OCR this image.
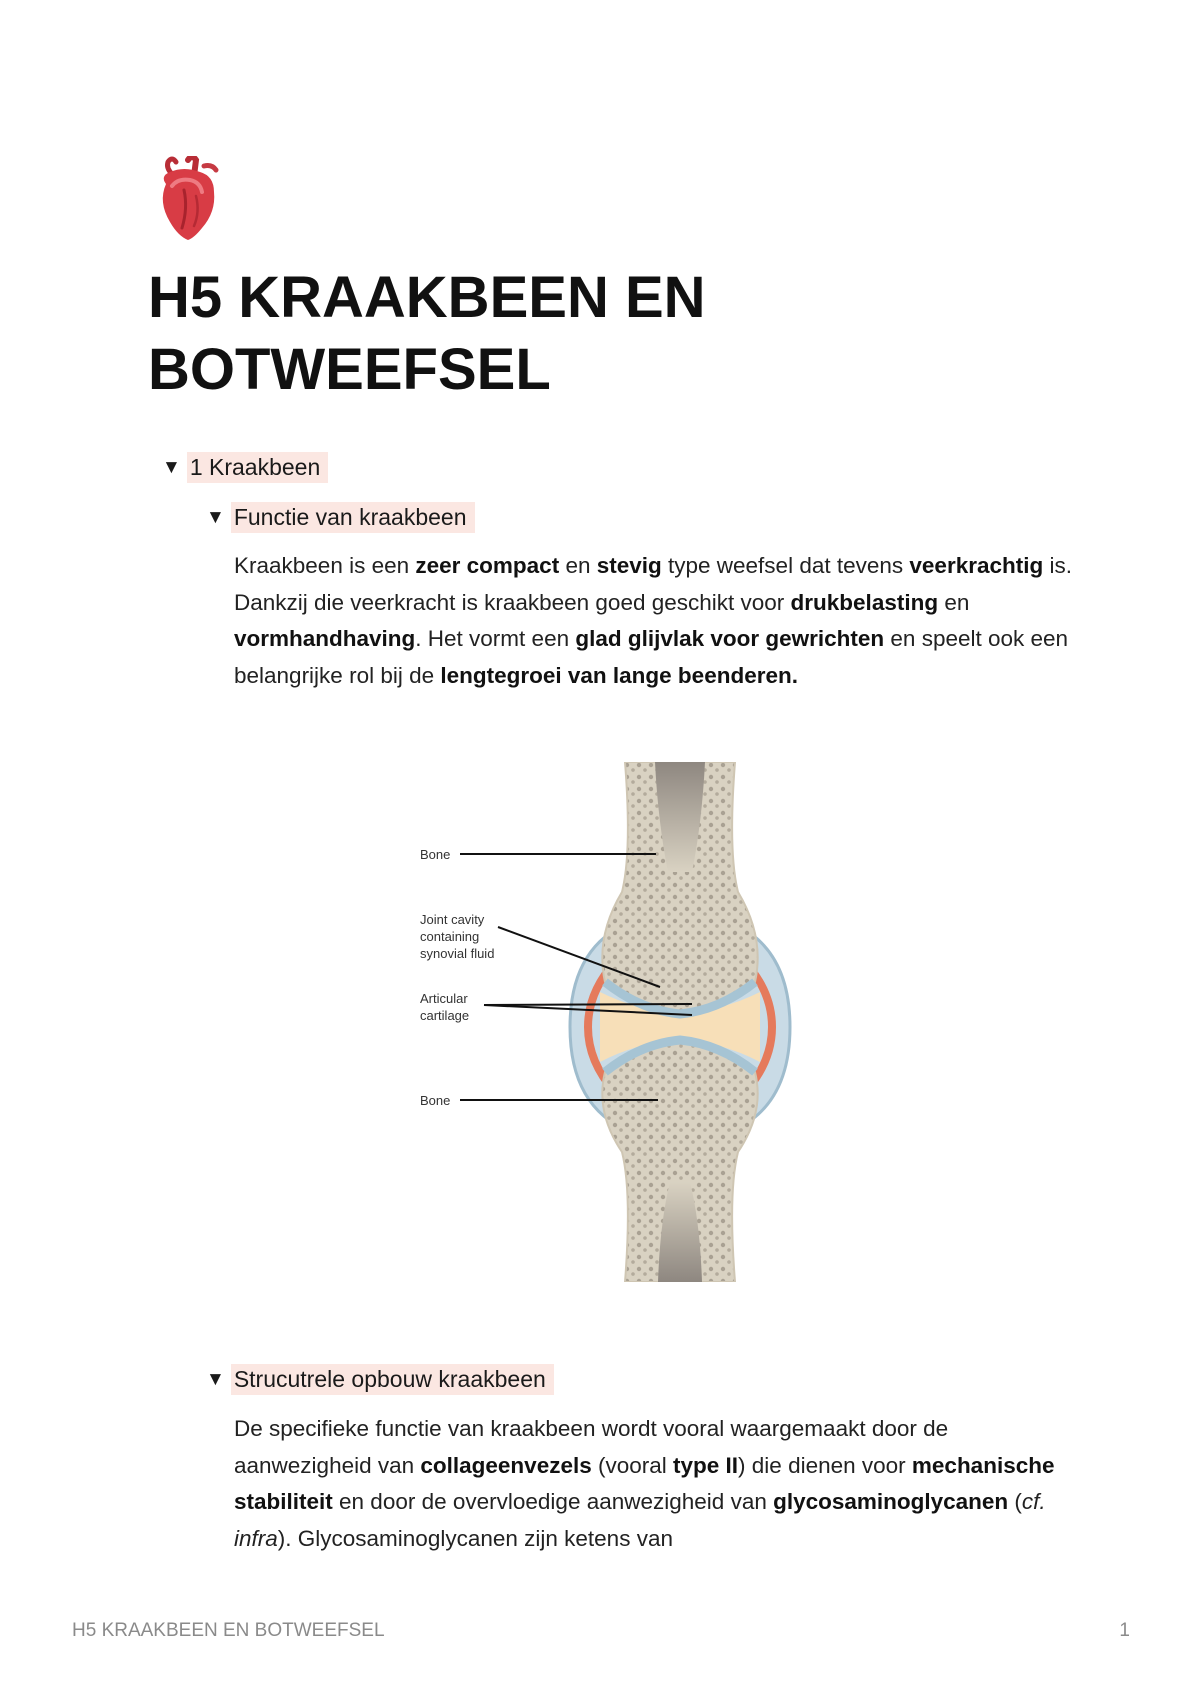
H5 KRAAKBEEN EN
BOTWEEFSEL
▼ 1 Kraakbeen
▼ Functie van kraakbeen

Kraakbeen is een zeer compact en stevig type weefsel dat tevens veerkrachtig is. Dankzij die veerkracht is kraakbeen goed geschikt voor drukbelasting en vormhandhaving. Het vormt een glad glijvlak voor gewrichten en speelt ook een belangrijke rol bij de lengtegroei van lange beenderen.

Bone
Joint cavity
containing
synovial fluid
Articular
cartilage
Bone
▼ Strucutrele opbouw kraakbeen

De specifieke functie van kraakbeen wordt vooral waargemaakt door de aanwezigheid van collageenvezels (vooral type II) die dienen voor mechanische stabiliteit en door de overvloedige aanwezigheid van glycosaminoglycanen (cf. infra). Glycosaminoglycanen zijn ketens van

H5 KRAAKBEEN EN BOTWEEFSEL	1
